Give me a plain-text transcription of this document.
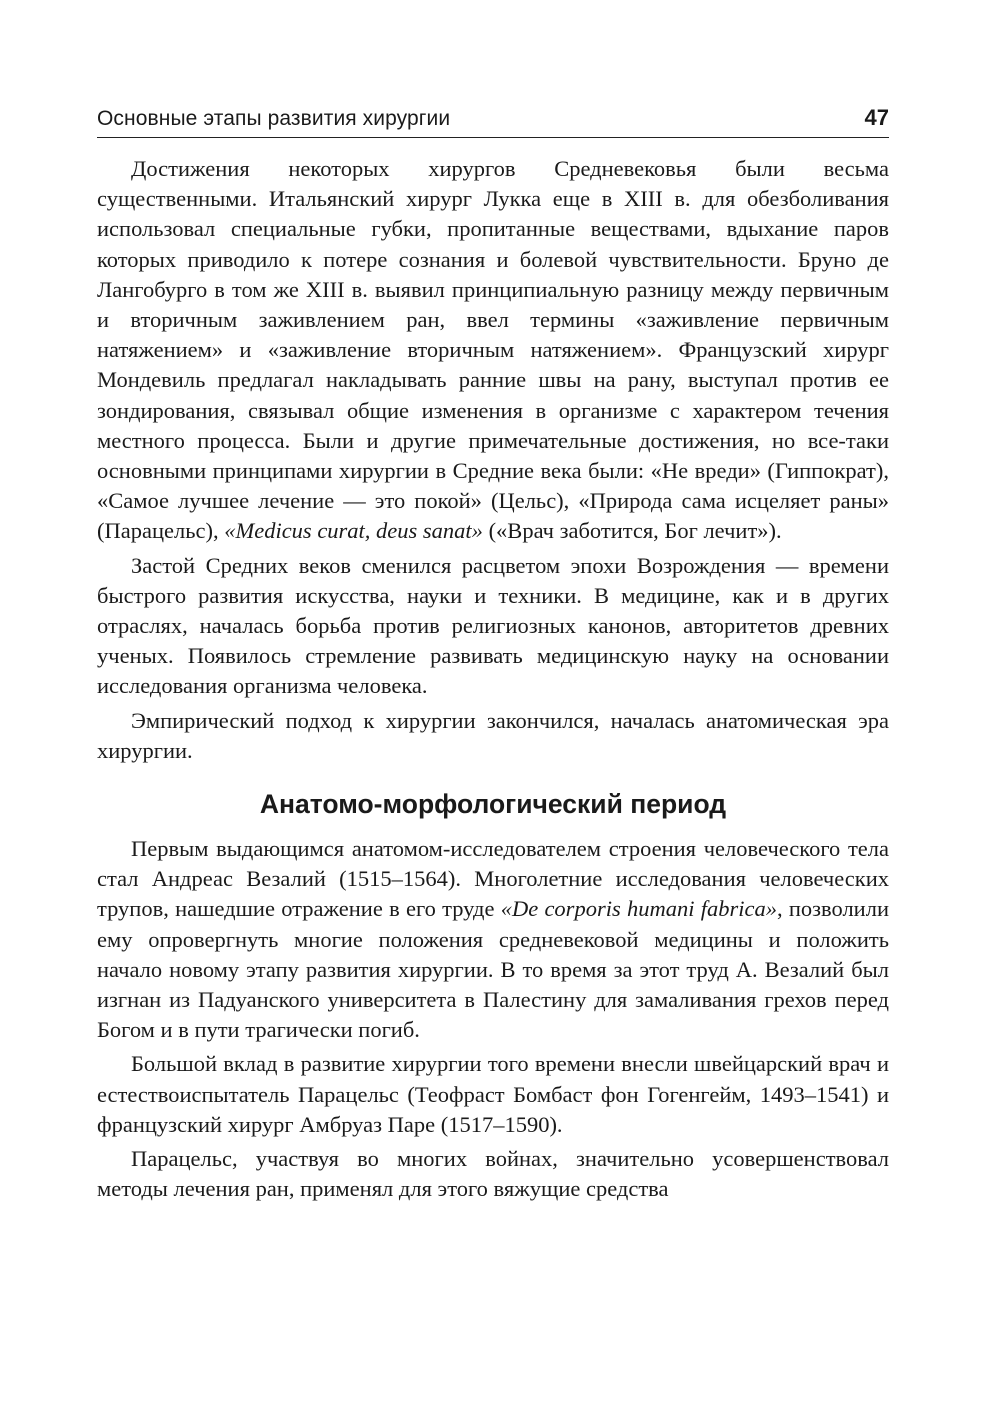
Основные этапы развития хирургии	47

Достижения некоторых хирургов Средневековья были весьма существенными. Итальянский хирург Лукка еще в XIII в. для обезболивания использовал специальные губки, пропитанные веществами, вдыхание паров которых приводило к потере сознания и болевой чувствительности. Бруно де Лангобурго в том же XIII в. выявил принципиальную разницу между первичным и вторичным заживлением ран, ввел термины «заживление первичным натяжением» и «заживление вторичным натяжением». Французский хирург Мондевиль предлагал накладывать ранние швы на рану, выступал против ее зондирования, связывал общие изменения в организме с характером течения местного процесса. Были и другие примечательные достижения, но все-таки основными принципами хирургии в Средние века были: «Не вреди» (Гиппократ), «Самое лучшее лечение — это покой» (Цельс), «Природа сама исцеляет раны» (Парацельс), «Medicus curat, deus sanat» («Врач заботится, Бог лечит»).

Застой Средних веков сменился расцветом эпохи Возрождения — времени быстрого развития искусства, науки и техники. В медицине, как и в других отраслях, началась борьба против религиозных канонов, авторитетов древних ученых. Появилось стремление развивать медицинскую науку на основании исследования организма человека.

Эмпирический подход к хирургии закончился, началась анатомическая эра хирургии.

Анатомо-морфологический период

Первым выдающимся анатомом-исследователем строения человеческого тела стал Андреас Везалий (1515–1564). Многолетние исследования человеческих трупов, нашедшие отражение в его труде «De corporis humani fabrica», позволили ему опровергнуть многие положения средневековой медицины и положить начало новому этапу развития хирургии. В то время за этот труд А. Везалий был изгнан из Падуанского университета в Палестину для замаливания грехов перед Богом и в пути трагически погиб.

Большой вклад в развитие хирургии того времени внесли швейцарский врач и естествоиспытатель Парацельс (Теофраст Бомбаст фон Гогенгейм, 1493–1541) и французский хирург Амбруаз Паре (1517–1590).

Парацельс, участвуя во многих войнах, значительно усовершенствовал методы лечения ран, применял для этого вяжущие средства
